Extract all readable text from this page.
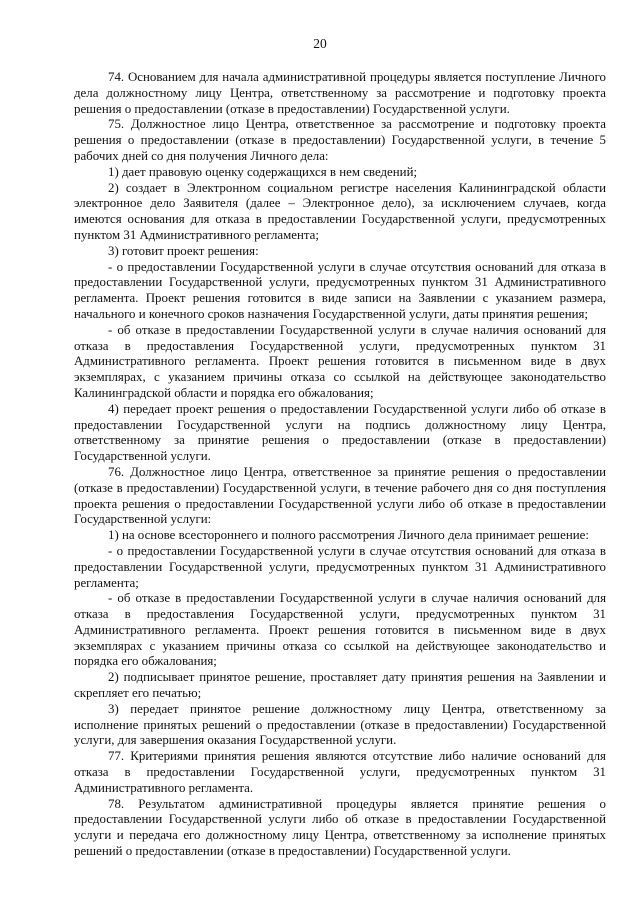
20

74. Основанием для начала административной процедуры является поступление Личного дела должностному лицу Центра, ответственному за рассмотрение и подготовку проекта решения о предоставлении (отказе в предоставлении) Государственной услуги.

75. Должностное лицо Центра, ответственное за рассмотрение и подготовку проекта решения о предоставлении (отказе в предоставлении) Государственной услуги, в течение 5 рабочих дней со дня получения Личного дела:

1) дает правовую оценку содержащихся в нем сведений;

2) создает в Электронном социальном регистре населения Калининградской области электронное дело Заявителя (далее – Электронное дело), за исключением случаев, когда имеются основания для отказа в предоставлении Государственной услуги, предусмотренных пунктом 31 Административного регламента;

3) готовит проект решения:

- о предоставлении Государственной услуги в случае отсутствия оснований для отказа в предоставлении Государственной услуги, предусмотренных пунктом 31 Административного регламента. Проект решения готовится в виде записи на Заявлении с указанием размера, начального и конечного сроков назначения Государственной услуги, даты принятия решения;

- об отказе в предоставлении Государственной услуги в случае наличия оснований для отказа в предоставления Государственной услуги, предусмотренных пунктом 31 Административного регламента. Проект решения готовится в письменном виде в двух экземплярах, с указанием причины отказа со ссылкой на действующее законодательство Калининградской области и порядка его обжалования;

4) передает проект решения о предоставлении Государственной услуги либо об отказе в предоставлении Государственной услуги на подпись должностному лицу Центра, ответственному за принятие решения о предоставлении (отказе в предоставлении) Государственной услуги.

76. Должностное лицо Центра, ответственное за принятие решения о предоставлении (отказе в предоставлении) Государственной услуги, в течение рабочего дня со дня поступления проекта решения о предоставлении Государственной услуги либо об отказе в предоставлении Государственной услуги:

1) на основе всестороннего и полного рассмотрения Личного дела принимает решение:

- о предоставлении Государственной услуги в случае отсутствия оснований для отказа в предоставлении Государственной услуги, предусмотренных пунктом 31 Административного регламента;

- об отказе в предоставлении Государственной услуги в случае наличия оснований для отказа в предоставления Государственной услуги, предусмотренных пунктом 31 Административного регламента. Проект решения готовится в письменном виде в двух экземплярах с указанием причины отказа со ссылкой на действующее законодательство и порядка его обжалования;

2) подписывает принятое решение, проставляет дату принятия решения на Заявлении и скрепляет его печатью;

3) передает принятое решение должностному лицу Центра, ответственному за исполнение принятых решений о предоставлении (отказе в предоставлении) Государственной услуги, для завершения оказания Государственной услуги.

77. Критериями принятия решения являются отсутствие либо наличие оснований для отказа в предоставлении Государственной услуги, предусмотренных пунктом 31 Административного регламента.

78. Результатом административной процедуры является принятие решения о предоставлении Государственной услуги либо об отказе в предоставлении Государственной услуги и передача его должностному лицу Центра, ответственному за исполнение принятых решений о предоставлении (отказе в предоставлении) Государственной услуги.
